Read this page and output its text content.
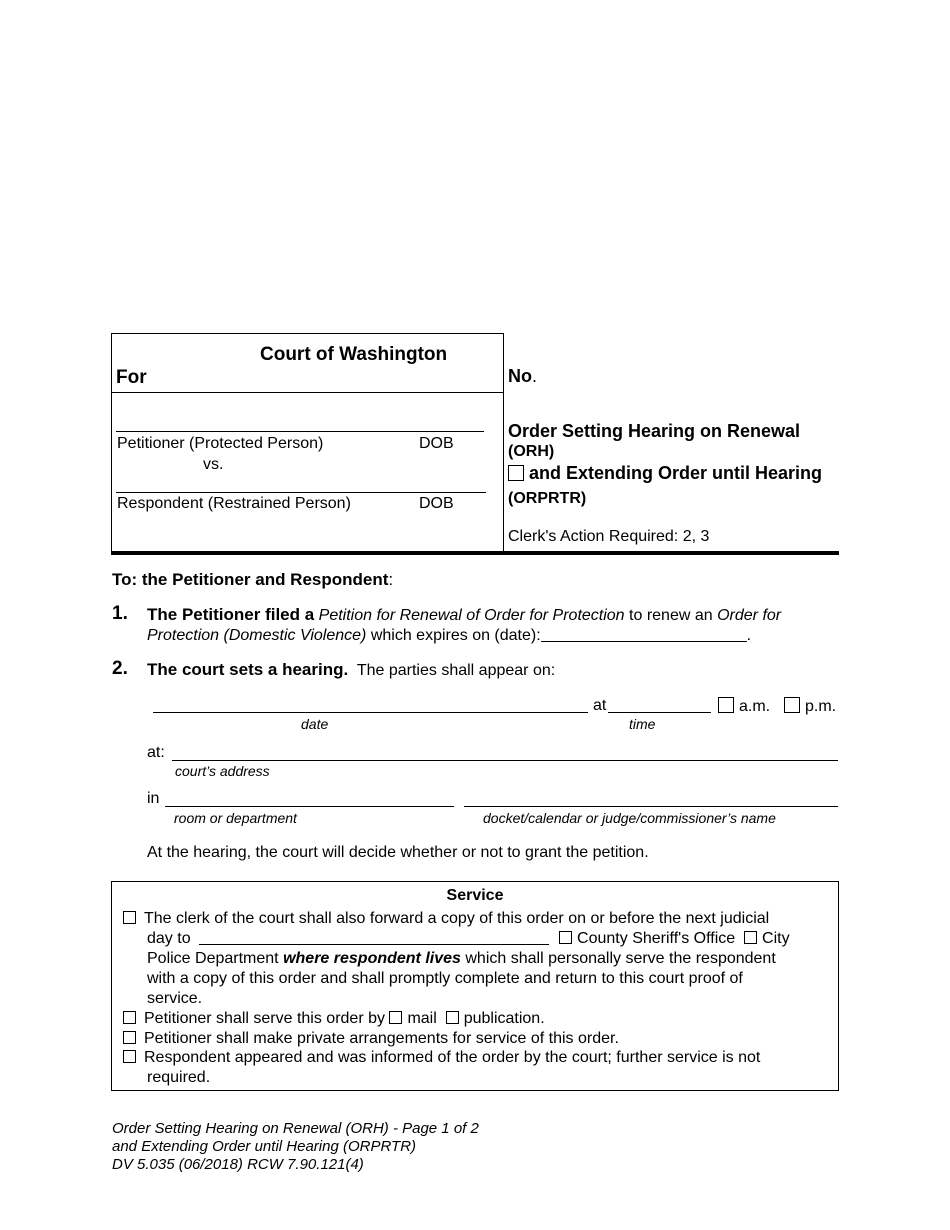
Court of Washington
For
Petitioner (Protected Person)	DOB
vs.
Respondent (Restrained Person)	DOB
No.
Order Setting Hearing on Renewal
(ORH)
and Extending Order until Hearing
(ORPRTR)
Clerk's Action Required: 2, 3
To: the Petitioner and Respondent:
1. The Petitioner filed a Petition for Renewal of Order for Protection to renew an Order for
Protection (Domestic Violence) which expires on (date):	.
2. The court sets a hearing. The parties shall appear on:
at	a.m.	p.m.
date	time
at:
court’s address
in
room or department	docket/calendar or judge/commissioner’s name
At the hearing, the court will decide whether or not to grant the petition.
Service
The clerk of the court shall also forward a copy of this order on or before the next judicial
day to	County Sheriff's Office City
Police Department where respondent lives which shall personally serve the respondent
with a copy of this order and shall promptly complete and return to this court proof of
service.
Petitioner shall serve this order by mail publication.
Petitioner shall make private arrangements for service of this order.
Respondent appeared and was informed of the order by the court; further service is not
required.
Order Setting Hearing on Renewal (ORH) - Page 1 of 2
and Extending Order until Hearing (ORPRTR)
DV 5.035 (06/2018) RCW 7.90.121(4)
